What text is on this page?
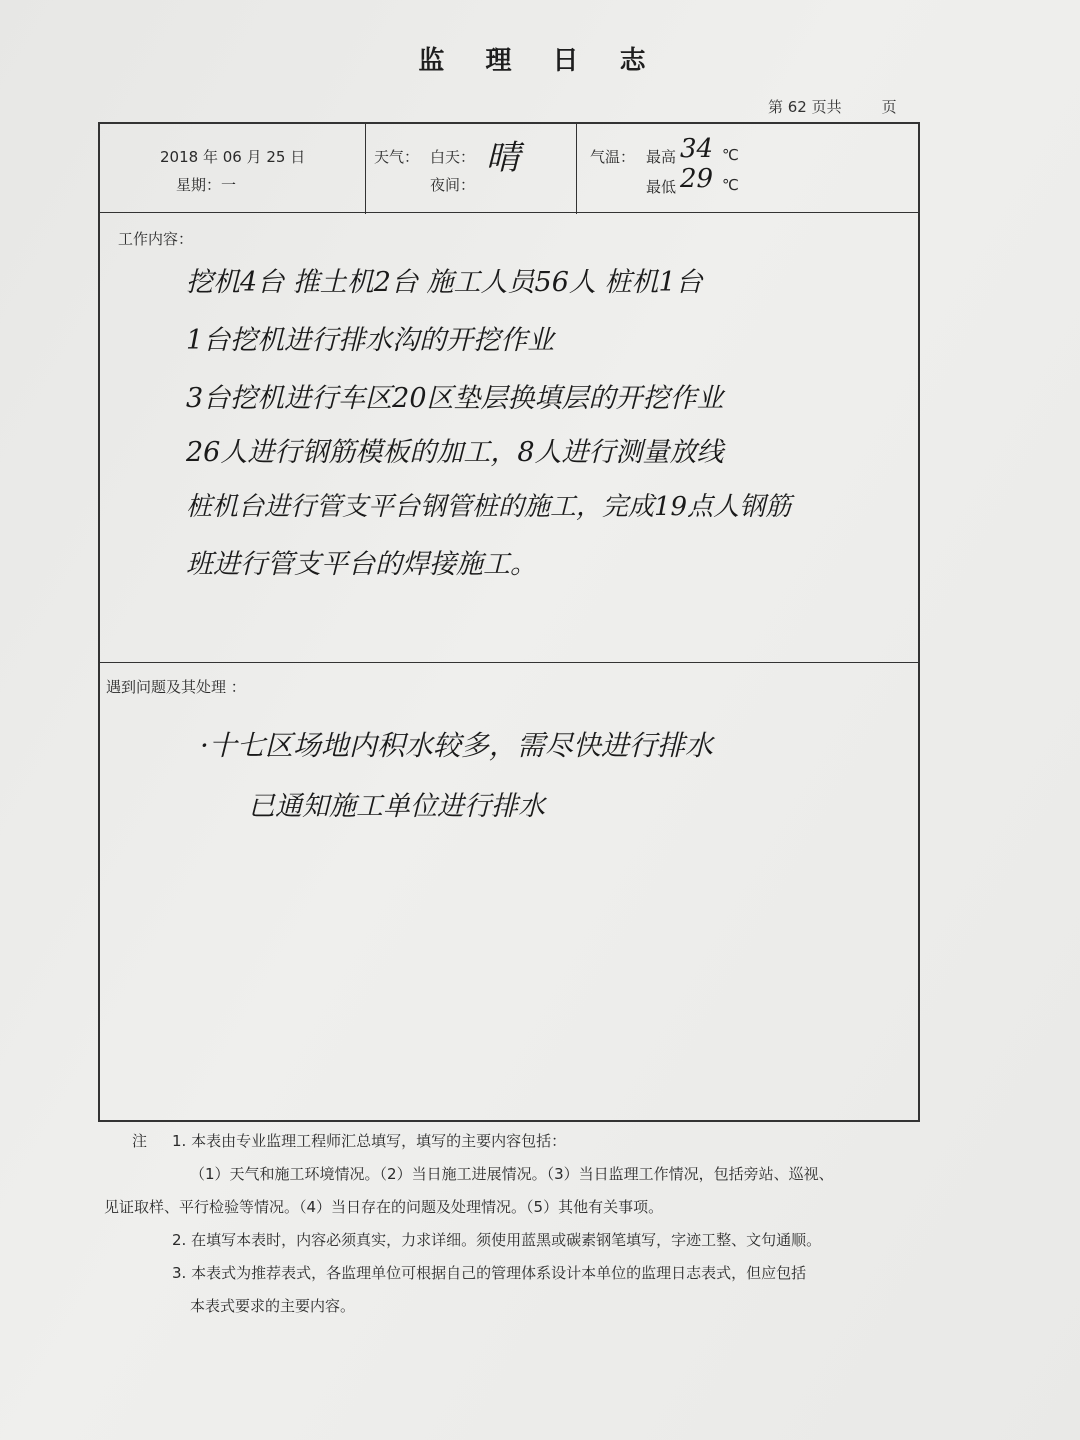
监 理 日 志
第 62 页共	页
2018 年 06 月 25 日
星期：一
天气： 白天： 晴
夜间：
气温： 最高 34 ℃
最低 29 ℃
工作内容：
挖机4台 推土机2台 施工人员56人 桩机1台
1台挖机进行排水沟的开挖作业
3台挖机进行车区20区垫层换填层的开挖作业
26人进行钢筋模板的加工，8人进行测量放线
桩机台进行管支平台钢管桩的施工，完成19点人钢筋
班进行管支平台的焊接施工。
遇到问题及其处理 ：
·十七区场地内积水较多，需尽快进行排水
已通知施工单位进行排水
注 1. 本表由专业监理工程师汇总填写，填写的主要内容包括：
（1）天气和施工环境情况。（2）当日施工进展情况。（3）当日监理工作情况，包括旁站、巡视、
见证取样、平行检验等情况。（4）当日存在的问题及处理情况。（5）其他有关事项。
2. 在填写本表时，内容必须真实，力求详细。须使用蓝黑或碳素钢笔填写，字迹工整、文句通顺。
3. 本表式为推荐表式，各监理单位可根据自己的管理体系设计本单位的监理日志表式，但应包括
本表式要求的主要内容。
